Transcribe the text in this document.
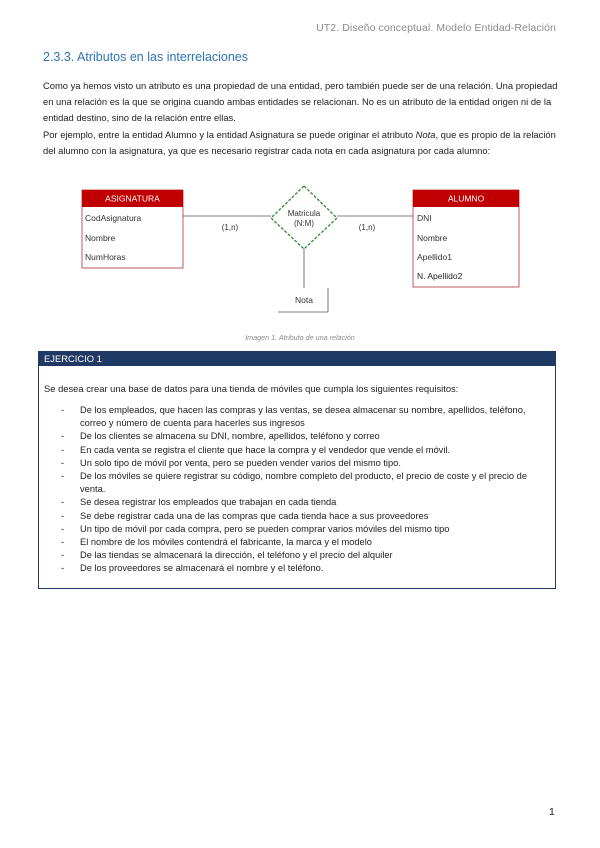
UT2. Diseño conceptual. Modelo Entidad-Relación
2.3.3. Atributos en las interrelaciones

Como ya hemos visto un atributo es una propiedad de una entidad, pero también puede ser de una relación. Una propiedad en una relación es la que se origina cuando ambas entidades se relacionan. No es un atributo de la entidad origen ni de la entidad destino, sino de la relación entre ellas.

Por ejemplo, entre la entidad Alumno y la entidad Asignatura se puede originar el atributo Nota, que es propio de la relación del alumno con la asignatura, ya que es necesario registrar cada nota en cada asignatura por cada alumno:

ASIGNATURA
CodAsignatura
Nombre
NumHoras
(1,n)	(1,n)
Matricula
(N:M)
Nota
ALUMNO
DNI
Nombre
Apellido1
N. Apellido2
Imagen 1. Atributo de una relación
EJERCICIO 1
Se desea crear una base de datos para una tienda de móviles que cumpla los siguientes requisitos:
- De los empleados, que hacen las compras y las ventas, se desea almacenar su nombre, apellidos, teléfono, correo y número de cuenta para hacerles sus ingresos
- De los clientes se almacena su DNI, nombre, apellidos, teléfono y correo
- En cada venta se registra el cliente que hace la compra y el vendedor que vende el móvil.
- Un solo tipo de móvil por venta, pero se pueden vender varios del mismo tipo.
- De los móviles se quiere registrar su código, nombre completo del producto, el precio de coste y el precio de venta.
- Se desea registrar los empleados que trabajan en cada tienda
- Se debe registrar cada una de las compras que cada tienda hace a sus proveedores
- Un tipo de móvil por cada compra, pero se pueden comprar varios móviles del mismo tipo
- El nombre de los móviles contendrá el fabricante, la marca y el modelo
- De las tiendas se almacenará la dirección, el teléfono y el precio del alquiler
- De los proveedores se almacenará el nombre y el teléfono.
1
